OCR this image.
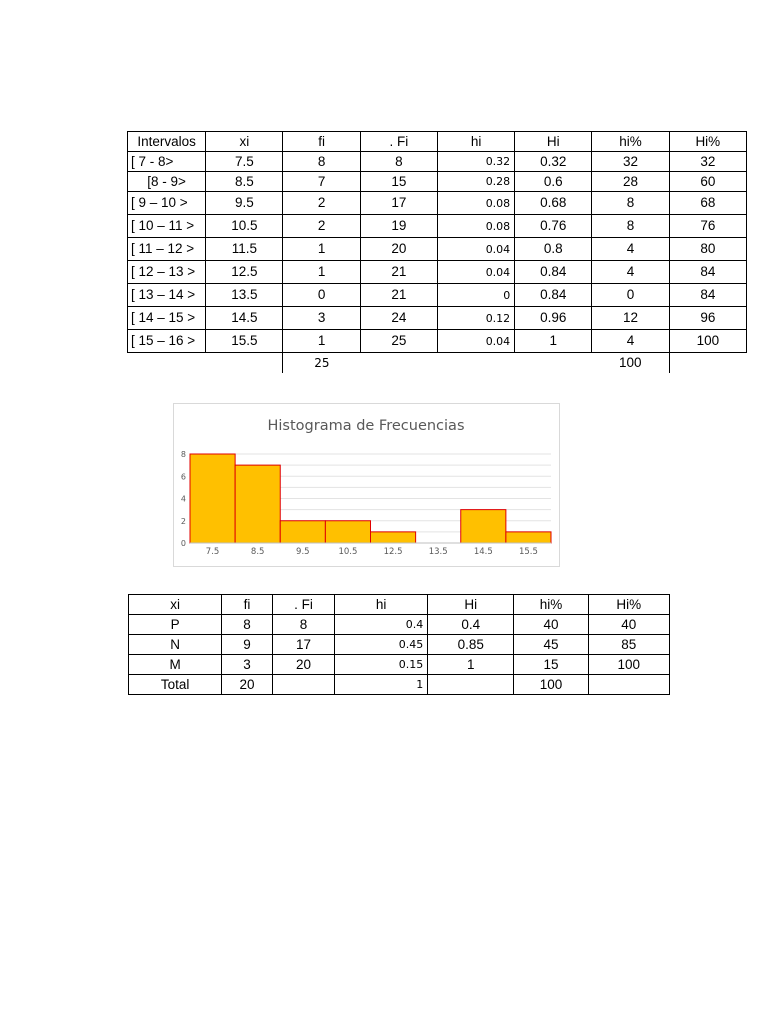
Intervalos	xi	fi	. Fi	hi	Hi	hi%	Hi%
[ 7 - 8>	7.5	8	8	0.32	0.32	32	32
[8 - 9>	8.5	7	15	0.28	0.6	28	60
[ 9 – 10 >	9.5	2	17	0.08	0.68	8	68
[ 10 – 11 >	10.5	2	19	0.08	0.76	8	76
[ 11 – 12 >	11.5	1	20	0.04	0.8	4	80
[ 12 – 13 >	12.5	1	21	0.04	0.84	4	84
[ 13 – 14 >	13.5	0	21	0	0.84	0	84
[ 14 – 15 >	14.5	3	24	0.12	0.96	12	96
[ 15 – 16 >	15.5	1	25	0.04	1	4	100
		25				100	
Histograma de Frecuencias
0
2
4
6
8
7.5	8.5	9.5	10.5	12.5	13.5	14.5	15.5
xi	fi	. Fi	hi	Hi	hi%	Hi%
P	8	8	0.4	0.4	40	40
N	9	17	0.45	0.85	45	85
M	3	20	0.15	1	15	100
Total	20		1		100	
